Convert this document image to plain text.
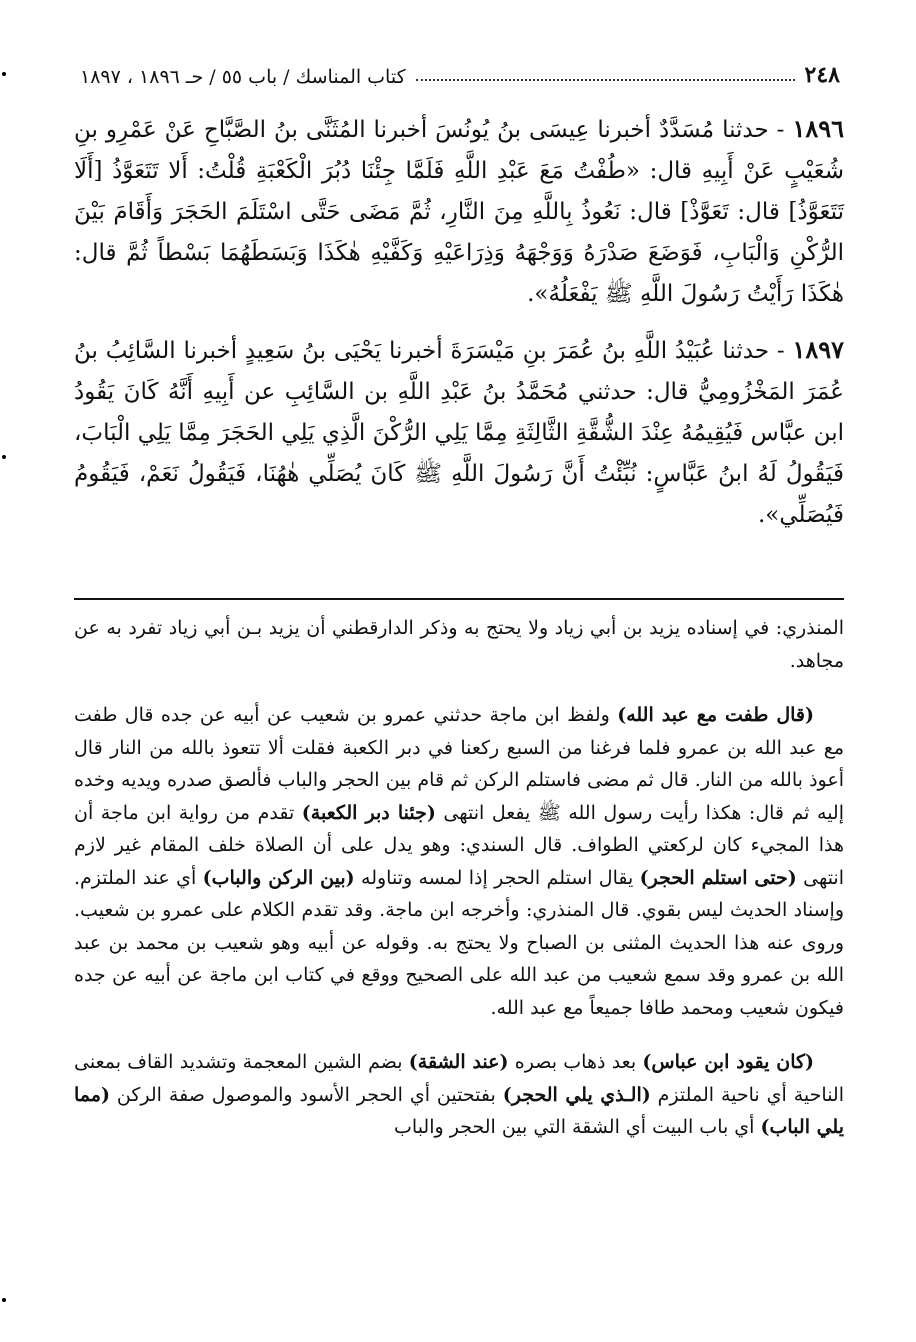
٢٤٨
كتاب المناسك / باب ٥٥ / حـ ١٨٩٦ ، ١٨٩٧

١٨٩٦ - حدثنا مُسَدَّدٌ أخبرنا عِيسَى بنُ يُونُسَ أخبرنا المُثَنَّى بنُ الصَّبَّاحِ عَنْ عَمْرِو بنِ شُعَيْبٍ عَنْ أَبِيهِ قال: «طُفْتُ مَعَ عَبْدِ اللَّهِ فَلَمَّا جِئْنَا دُبُرَ الْكَعْبَةِ قُلْتُ: أَلا تَتَعَوَّذُ [أَلَا تَتَعَوَّذُ] قال: تَعَوَّذْ] قال: نَعُوذُ بِاللَّهِ مِنَ النَّارِ، ثُمَّ مَضَى حَتَّى اسْتَلَمَ الحَجَرَ وَأَقَامَ بَيْنَ الرُّكْنِ وَالْبَابِ، فَوَضَعَ صَدْرَهُ وَوَجْهَهُ وَذِرَاعَيْهِ وَكَفَّيْهِ هٰكَذَا وَبَسَطَهُمَا بَسْطاً ثُمَّ قال: هٰكَذَا رَأَيْتُ رَسُولَ اللَّهِ ﷺ يَفْعَلُهُ».

١٨٩٧ - حدثنا عُبَيْدُ اللَّهِ بنُ عُمَرَ بنِ مَيْسَرَةَ أخبرنا يَحْيَى بنُ سَعِيدٍ أخبرنا السَّائِبُ بنُ عُمَرَ المَخْزُومِيُّ قال: حدثني مُحَمَّدُ بنُ عَبْدِ اللَّهِ بن السَّائِبِ عن أَبِيهِ أَنَّهُ كَانَ يَقُودُ ابن عبَّاس فَيُقِيمُهُ عِنْدَ الشُّقَّةِ الثَّالِثَةِ مِمَّا يَلِي الرُّكْنَ الَّذِي يَلِي الحَجَرَ مِمَّا يَلِي الْبَابَ، فَيَقُولُ لَهُ ابنُ عَبَّاسٍ: نُبِّئْتُ أَنَّ رَسُولَ اللَّهِ ﷺ كَانَ يُصَلِّي هٰهُنَا، فَيَقُولُ نَعَمْ، فَيَقُومُ فَيُصَلِّي».

المنذري: في إسناده يزيد بن أبي زياد ولا يحتج به وذكر الدارقطني أن يزيد بـن أبي زياد تفرد به عن مجاهد.

(قال طفت مع عبد الله) ولفظ ابن ماجة حدثني عمرو بن شعيب عن أبيه عن جده قال طفت مع عبد الله بن عمرو فلما فرغنا من السبع ركعنا في دبر الكعبة فقلت ألا تتعوذ بالله من النار قال أعوذ بالله من النار. قال ثم مضى فاستلم الركن ثم قام بين الحجر والباب فألصق صدره ويديه وخده إليه ثم قال: هكذا رأيت رسول الله ﷺ يفعل انتهى (جئنا دبر الكعبة) تقدم من رواية ابن ماجة أن هذا المجيء كان لركعتي الطواف. قال السندي: وهو يدل على أن الصلاة خلف المقام غير لازم انتهى (حتى استلم الحجر) يقال استلم الحجر إذا لمسه وتناوله (بين الركن والباب) أي عند الملتزم. وإسناد الحديث ليس بقوي. قال المنذري: وأخرجه ابن ماجة. وقد تقدم الكلام على عمرو بن شعيب. وروى عنه هذا الحديث المثنى بن الصباح ولا يحتج به. وقوله عن أبيه وهو شعيب بن محمد بن عبد الله بن عمرو وقد سمع شعيب من عبد الله على الصحيح ووقع في كتاب ابن ماجة عن أبيه عن جده فيكون شعيب ومحمد طافا جميعاً مع عبد الله.

(كان يقود ابن عباس) بعد ذهاب بصره (عند الشقة) بضم الشين المعجمة وتشديد القاف بمعنى الناحية أي ناحية الملتزم (الـذي يلي الحجر) بفتحتين أي الحجر الأسود والموصول صفة الركن (مما يلي الباب) أي باب البيت أي الشقة التي بين الحجر والباب
